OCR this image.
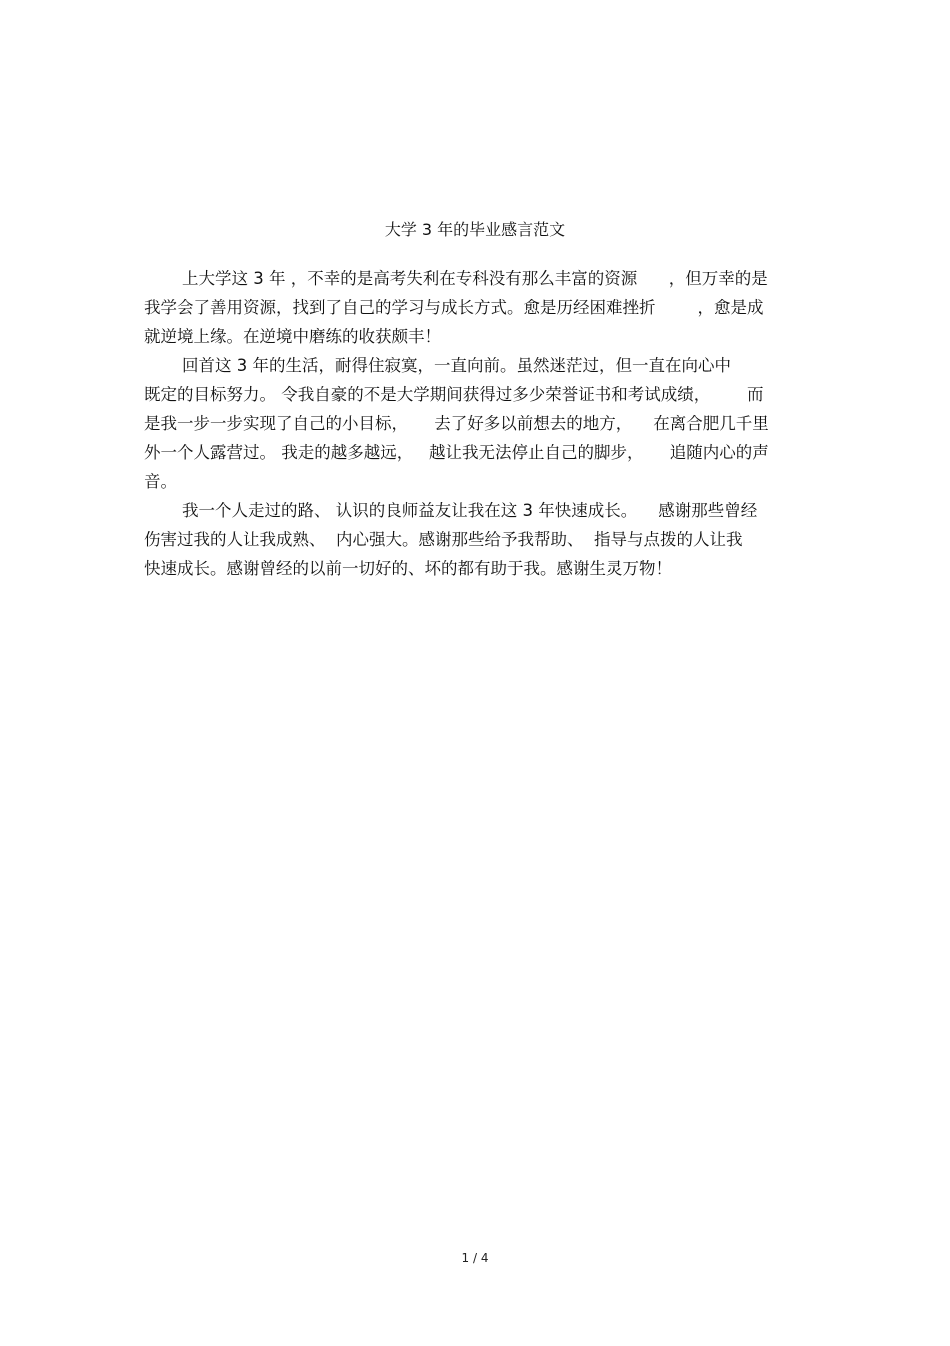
大学 3 年的毕业感言范文
上大学这 3 年 ，不幸的是高考失利在专科没有那么丰富的资源      ，但万幸的是
我学会了善用资源，找到了自己的学习与成长方式。愈是历经困难挫折        ，愈是成
就逆境上缘。在逆境中磨练的收获颇丰！
回首这 3 年的生活，耐得住寂寞，一直向前。虽然迷茫过，但一直在向心中
既定的目标努力。 令我自豪的不是大学期间获得过多少荣誉证书和考试成绩，       而
是我一步一步实现了自己的小目标，     去了好多以前想去的地方，    在离合肥几千里
外一个人露营过。 我走的越多越远，   越让我无法停止自己的脚步，     追随内心的声
音。
我一个人走过的路、 认识的良师益友让我在这 3 年快速成长。    感谢那些曾经
伤害过我的人让我成熟、  内心强大。感谢那些给予我帮助、  指导与点拨的人让我
快速成长。感谢曾经的以前一切好的、坏的都有助于我。感谢生灵万物！
1 / 4
